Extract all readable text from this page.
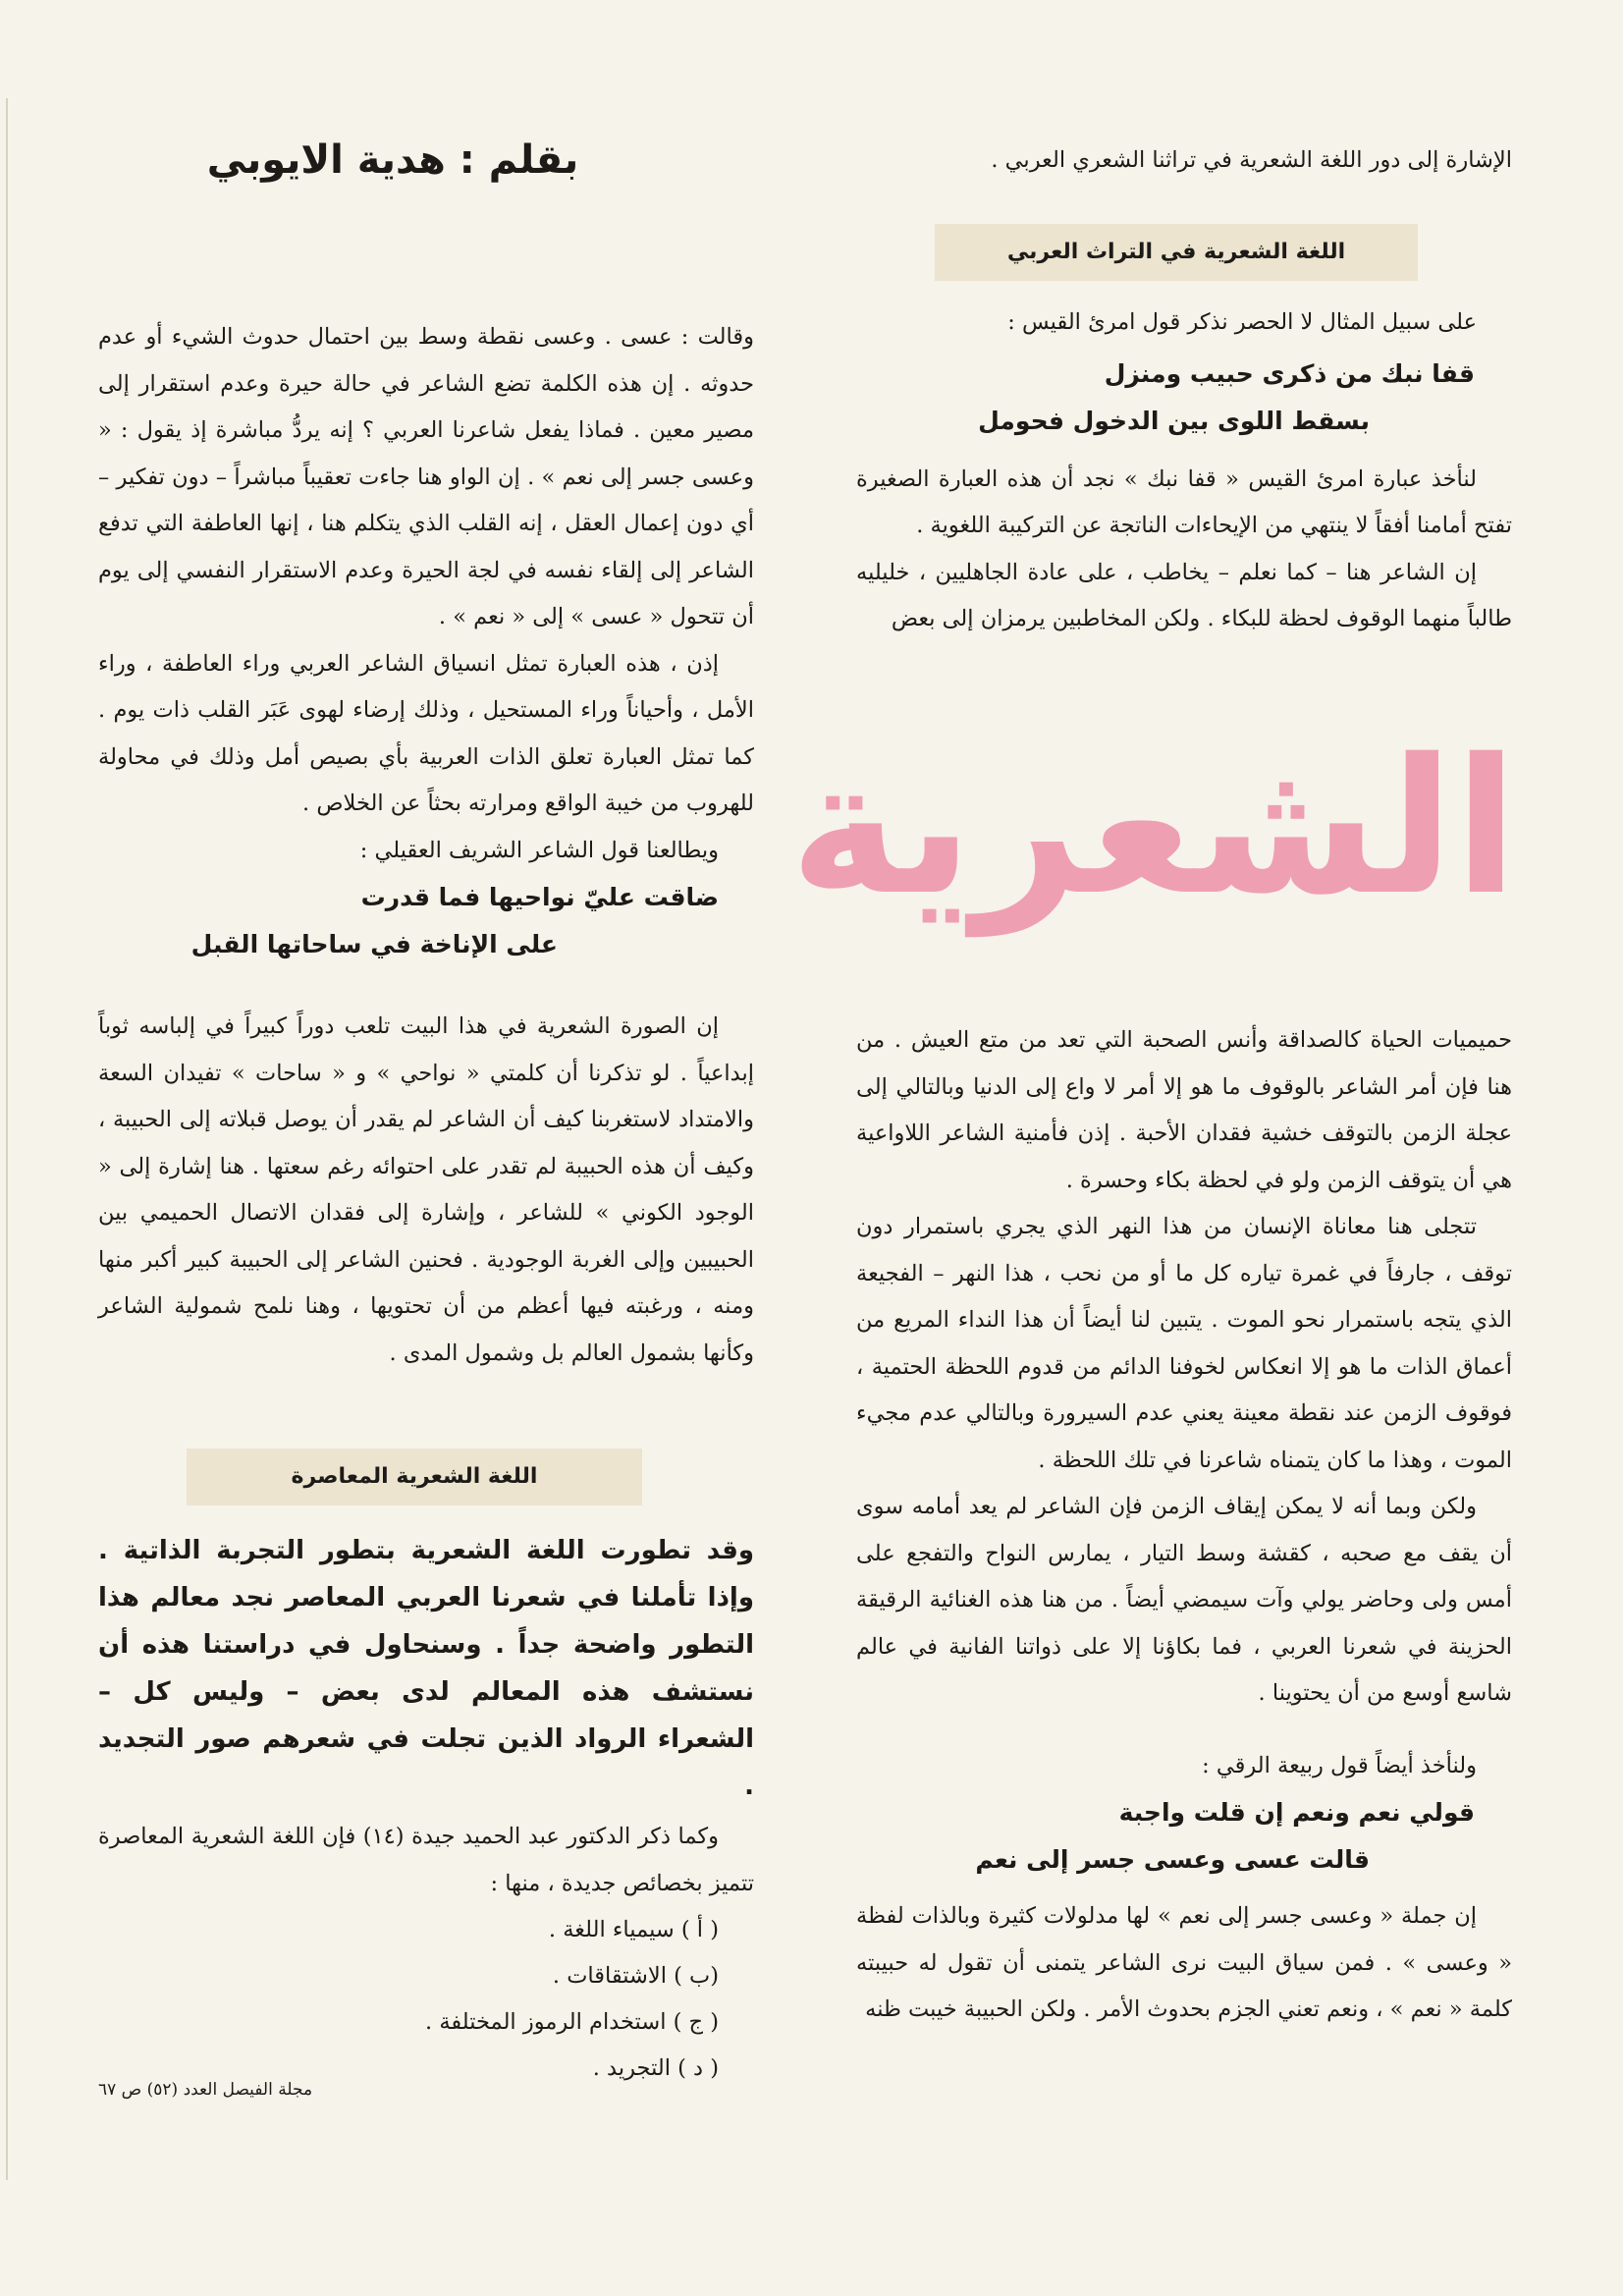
الإشارة إلى دور اللغة الشعرية في تراثنا الشعري العربي .

اللغة الشعرية في التراث العربي

على سبيل المثال لا الحصر نذكر قول امرئ القيس :

قفا نبك من ذكرى حبيب ومنزل
بسقط اللوى بين الدخول فحومل

لنأخذ عبارة امرئ القيس « قفا نبك » نجد أن هذه العبارة الصغيرة تفتح أمامنا أفقاً لا ينتهي من الإيحاءات الناتجة عن التركيبة اللغوية .

إن الشاعر هنا – كما نعلم – يخاطب ، على عادة الجاهليين ، خليليه طالباً منهما الوقوف لحظة للبكاء . ولكن المخاطبين يرمزان إلى بعض

الشعرية

حميميات الحياة كالصداقة وأنس الصحبة التي تعد من متع العيش . من هنا فإن أمر الشاعر بالوقوف ما هو إلا أمر لا واع إلى الدنيا وبالتالي إلى عجلة الزمن بالتوقف خشية فقدان الأحبة . إذن فأمنية الشاعر اللاواعية هي أن يتوقف الزمن ولو في لحظة بكاء وحسرة .

تتجلى هنا معاناة الإنسان من هذا النهر الذي يجري باستمرار دون توقف ، جارفاً في غمرة تياره كل ما أو من نحب ، هذا النهر – الفجيعة الذي يتجه باستمرار نحو الموت . يتبين لنا أيضاً أن هذا النداء المريع من أعماق الذات ما هو إلا انعكاس لخوفنا الدائم من قدوم اللحظة الحتمية ، فوقوف الزمن عند نقطة معينة يعني عدم السيرورة وبالتالي عدم مجيء الموت ، وهذا ما كان يتمناه شاعرنا في تلك اللحظة .

ولكن وبما أنه لا يمكن إيقاف الزمن فإن الشاعر لم يعد أمامه سوى أن يقف مع صحبه ، كقشة وسط التيار ، يمارس النواح والتفجع على أمس ولى وحاضر يولي وآت سيمضي أيضاً . من هنا هذه الغنائية الرقيقة الحزينة في شعرنا العربي ، فما بكاؤنا إلا على ذواتنا الفانية في عالم شاسع أوسع من أن يحتوينا .

ولنأخذ أيضاً قول ربيعة الرقي :

قولي نعم ونعم إن قلت واجبة
قالت عسى وعسى جسر إلى نعم

إن جملة « وعسى جسر إلى نعم » لها مدلولات كثيرة وبالذات لفظة « وعسى » . فمن سياق البيت نرى الشاعر يتمنى أن تقول له حبيبته كلمة « نعم » ، ونعم تعني الجزم بحدوث الأمر . ولكن الحبيبة خيبت ظنه

بقلم : هدية الايوبي

وقالت : عسى . وعسى نقطة وسط بين احتمال حدوث الشيء أو عدم حدوثه . إن هذه الكلمة تضع الشاعر في حالة حيرة وعدم استقرار إلى مصير معين . فماذا يفعل شاعرنا العربي ؟ إنه يردُّ مباشرة إذ يقول : « وعسى جسر إلى نعم » . إن الواو هنا جاءت تعقيباً مباشراً – دون تفكير – أي دون إعمال العقل ، إنه القلب الذي يتكلم هنا ، إنها العاطفة التي تدفع الشاعر إلى إلقاء نفسه في لجة الحيرة وعدم الاستقرار النفسي إلى يوم أن تتحول « عسى » إلى « نعم » .

إذن ، هذه العبارة تمثل انسياق الشاعر العربي وراء العاطفة ، وراء الأمل ، وأحياناً وراء المستحيل ، وذلك إرضاء لهوى عَبَر القلب ذات يوم . كما تمثل العبارة تعلق الذات العربية بأي بصيص أمل وذلك في محاولة للهروب من خيبة الواقع ومرارته بحثاً عن الخلاص .

ويطالعنا قول الشاعر الشريف العقيلي :

ضاقت عليّ نواحيها فما قدرت
على الإناخة في ساحاتها القبل

إن الصورة الشعرية في هذا البيت تلعب دوراً كبيراً في إلباسه ثوباً إبداعياً . لو تذكرنا أن كلمتي « نواحي » و « ساحات » تفيدان السعة والامتداد لاستغربنا كيف أن الشاعر لم يقدر أن يوصل قبلاته إلى الحبيبة ، وكيف أن هذه الحبيبة لم تقدر على احتوائه رغم سعتها . هنا إشارة إلى « الوجود الكوني » للشاعر ، وإشارة إلى فقدان الاتصال الحميمي بين الحبيبين وإلى الغربة الوجودية . فحنين الشاعر إلى الحبيبة كبير أكبر منها ومنه ، ورغبته فيها أعظم من أن تحتويها ، وهنا نلمح شمولية الشاعر وكأنها بشمول العالم بل وشمول المدى .

اللغة الشعرية المعاصرة
وقد تطورت اللغة الشعرية بتطور التجربة الذاتية . وإذا تأملنا في شعرنا العربي المعاصر نجد معالم هذا التطور واضحة جداً . وسنحاول في دراستنا هذه أن نستشف هذه المعالم لدى بعض – وليس كل – الشعراء الرواد الذين تجلت في شعرهم صور التجديد .

وكما ذكر الدكتور عبد الحميد جيدة (١٤) فإن اللغة الشعرية المعاصرة تتميز بخصائص جديدة ، منها :

( أ ) سيمياء اللغة .
(ب ) الاشتقاقات .
( ج ) استخدام الرموز المختلفة .
( د ) التجريد .
مجلة الفيصل العدد (٥٢) ص ٦٧
